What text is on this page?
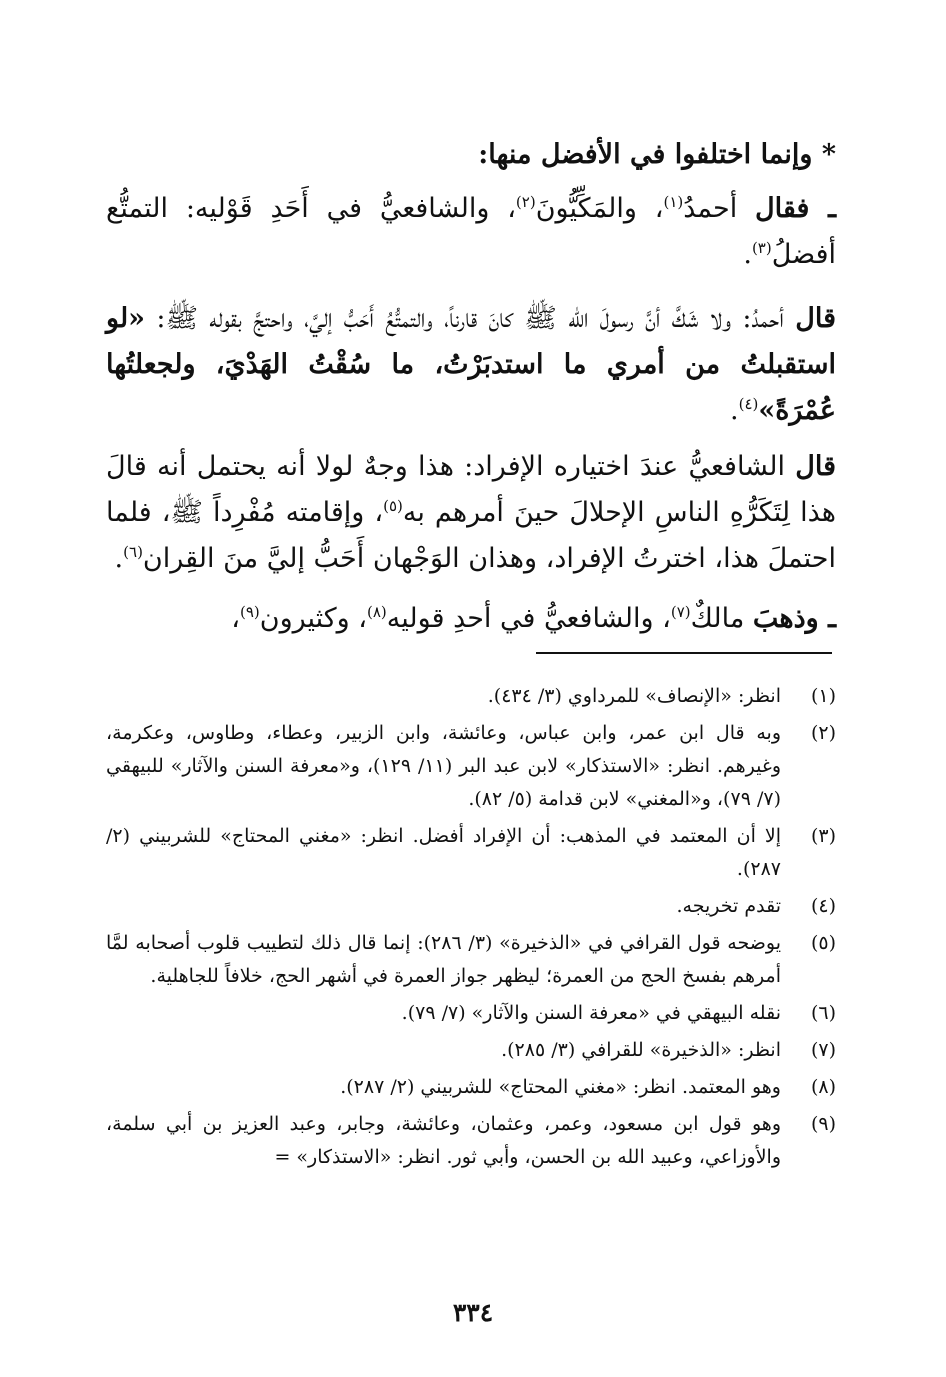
* وإنما اختلفوا في الأفضل منها:
ـ فقال أحمدُ$^{(١)}$، والمَكِّيُّونَ$^{(٢)}$، والشافعيُّ في أَحَدِ قَوْليه: التمتُّع أفضلُ$^{(٣)}$.
قال أحمدُ: ولا شَكَّ أنَّ رسولَ الله ﷺ كانَ قارناً، والتمتُّعُ أَحَبُّ إليَّ، واحتجَّ بقوله ﷺ: «لو استقبلتُ من أمري ما استدبَرْتُ، ما سُقْتُ الهَدْيَ، ولجعلتُها عُمْرَةً»$^{(٤)}$.
قال الشافعيُّ عندَ اختياره الإفراد: هذا وجهٌ لولا أنه يحتمل أنه قالَ هذا لِتَكَرُّهِ الناسِ الإحلالَ حينَ أمرهم به$^{(٥)}$، وإقامته مُفْرِداً ﷺ، فلما احتملَ هذا، اخترتُ الإفراد، وهذان الوَجْهان أَحَبُّ إليَّ منَ القِران$^{(٦)}$.
ـ وذهبَ مالكٌ$^{(٧)}$، والشافعيُّ في أحدِ قوليه$^{(٨)}$، وكثيرون$^{(٩)}$،
(١)
انظر: «الإنصاف» للمرداوي (٣/ ٤٣٤).
(٢)
وبه قال ابن عمر، وابن عباس، وعائشة، وابن الزبير، وعطاء، وطاوس، وعكرمة، وغيرهم. انظر: «الاستذكار» لابن عبد البر (١١/ ١٢٩)، و«معرفة السنن والآثار» للبيهقي (٧/ ٧٩)، و«المغني» لابن قدامة (٥/ ٨٢).
(٣)
إلا أن المعتمد في المذهب: أن الإفراد أفضل. انظر: «مغني المحتاج» للشربيني (٢/ ٢٨٧).
(٤)
تقدم تخريجه.
(٥)
يوضحه قول القرافي في «الذخيرة» (٣/ ٢٨٦): إنما قال ذلك لتطييب قلوب أصحابه لمَّا أمرهم بفسخ الحج من العمرة؛ ليظهر جواز العمرة في أشهر الحج، خلافاً للجاهلية.
(٦)
نقله البيهقي في «معرفة السنن والآثار» (٧/ ٧٩).
(٧)
انظر: «الذخيرة» للقرافي (٣/ ٢٨٥).
(٨)
وهو المعتمد. انظر: «مغني المحتاج» للشربيني (٢/ ٢٨٧).
(٩)
وهو قول ابن مسعود، وعمر، وعثمان، وعائشة، وجابر، وعبد العزيز بن أبي سلمة، والأوزاعي، وعبيد الله بن الحسن، وأبي ثور. انظر: «الاستذكار» =
٣٣٤
